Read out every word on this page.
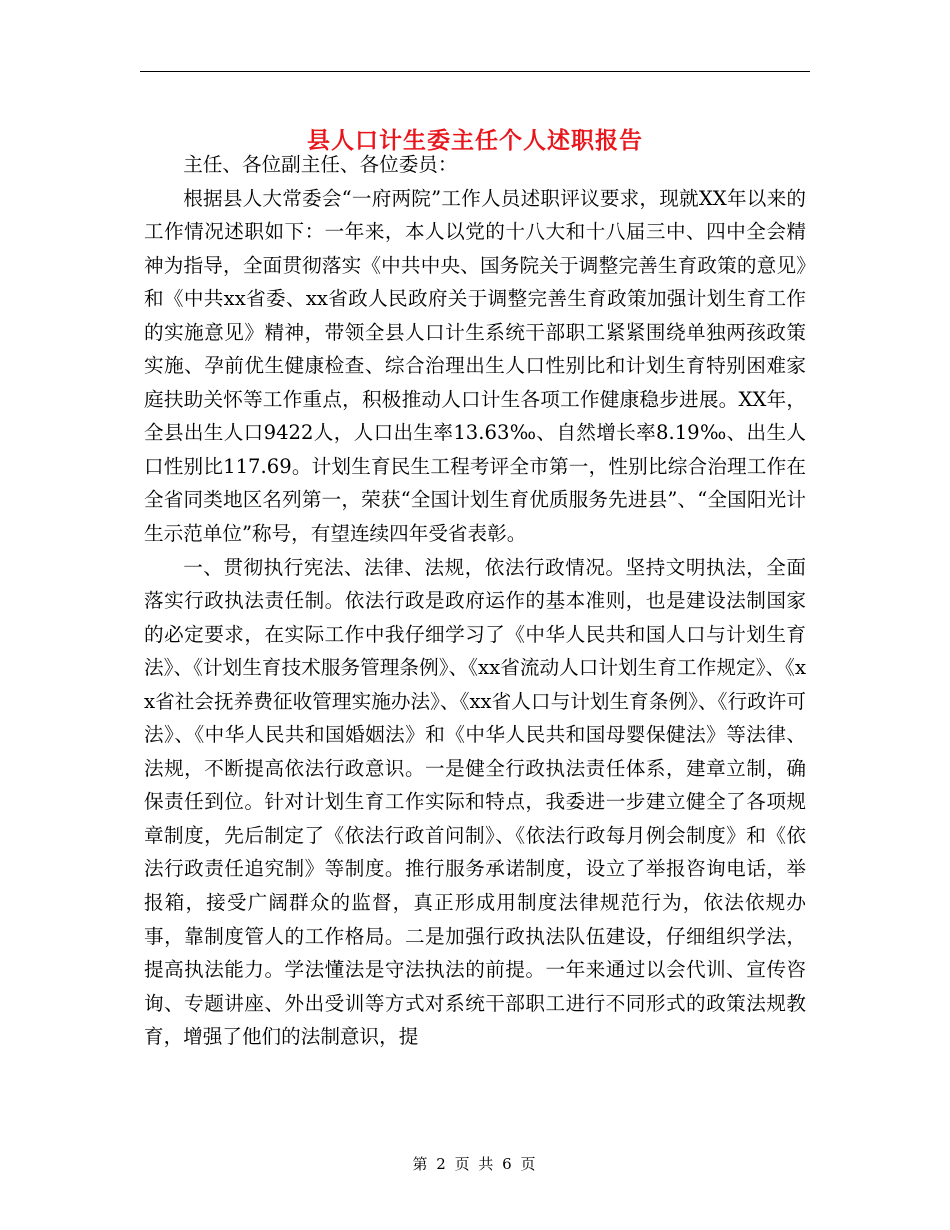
县人口计生委主任个人述职报告

主任、各位副主任、各位委员：

根据县人大常委会“一府两院”工作人员述职评议要求，现就XX年以来的工作情况述职如下：一年来，本人以党的十八大和十八届三中、四中全会精神为指导，全面贯彻落实《中共中央、国务院关于调整完善生育政策的意见》和《中共xx省委、xx省政人民政府关于调整完善生育政策加强计划生育工作的实施意见》精神，带领全县人口计生系统干部职工紧紧围绕单独两孩政策实施、孕前优生健康检查、综合治理出生人口性别比和计划生育特别困难家庭扶助关怀等工作重点，积极推动人口计生各项工作健康稳步进展。XX年，全县出生人口9422人，人口出生率13.63‰、自然增长率8.19‰、出生人口性别比117.69。计划生育民生工程考评全市第一，性别比综合治理工作在全省同类地区名列第一，荣获“全国计划生育优质服务先进县”、“全国阳光计生示范单位”称号，有望连续四年受省表彰。

一、贯彻执行宪法、法律、法规，依法行政情况。坚持文明执法，全面落实行政执法责任制。依法行政是政府运作的基本准则，也是建设法制国家的必定要求，在实际工作中我仔细学习了《中华人民共和国人口与计划生育法》、《计划生育技术服务管理条例》、《xx省流动人口计划生育工作规定》、《xx省社会抚养费征收管理实施办法》、《xx省人口与计划生育条例》、《行政许可法》、《中华人民共和国婚姻法》和《中华人民共和国母婴保健法》等法律、法规，不断提高依法行政意识。一是健全行政执法责任体系，建章立制，确保责任到位。针对计划生育工作实际和特点，我委进一步建立健全了各项规章制度，先后制定了《依法行政首问制》、《依法行政每月例会制度》和《依法行政责任追究制》等制度。推行服务承诺制度，设立了举报咨询电话，举报箱，接受广阔群众的监督，真正形成用制度法律规范行为，依法依规办事，靠制度管人的工作格局。二是加强行政执法队伍建设，仔细组织学法，提高执法能力。学法懂法是守法执法的前提。一年来通过以会代训、宣传咨询、专题讲座、外出受训等方式对系统干部职工进行不同形式的政策法规教育，增强了他们的法制意识，提

第 2 页 共 6 页
